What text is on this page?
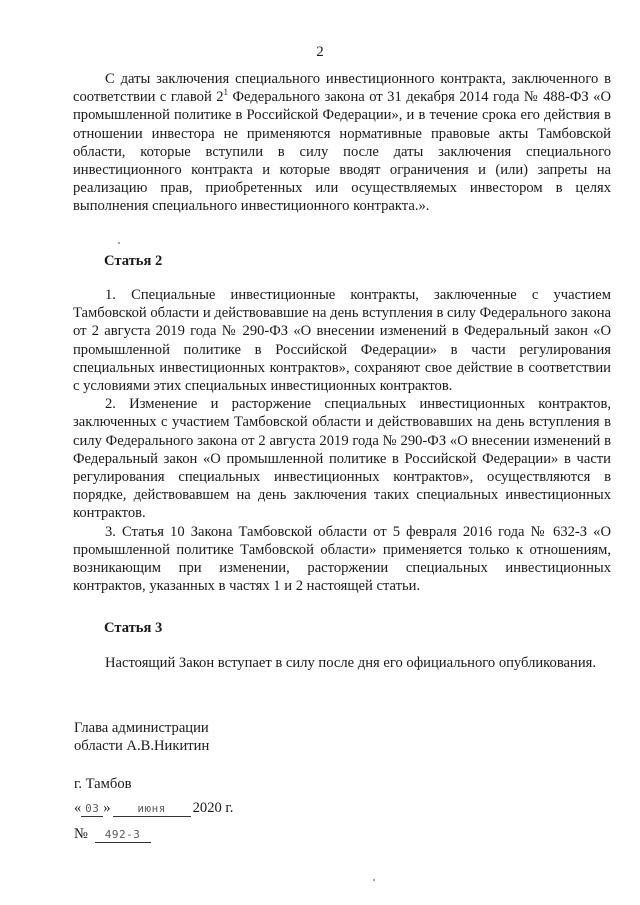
2

С даты заключения специального инвестиционного контракта, заключенного в соответствии с главой $2^1$ Федерального закона от 31 декабря 2014 года № 488-ФЗ «О промышленной политике в Российской Федерации», и в течение срока его действия в отношении инвестора не применяются нормативные правовые акты Тамбовской области, которые вступили в силу после даты заключения специального инвестиционного контракта и которые вводят ограничения и (или) запреты на реализацию прав, приобретенных или осуществляемых инвестором в целях выполнения специального инвестиционного контракта.».

Статья 2

1. Специальные инвестиционные контракты, заключенные с участием Тамбовской области и действовавшие на день вступления в силу Федерального закона от 2 августа 2019 года № 290-ФЗ «О внесении изменений в Федеральный закон «О промышленной политике в Российской Федерации» в части регулирования специальных инвестиционных контрактов», сохраняют свое действие в соответствии с условиями этих специальных инвестиционных контрактов.

2. Изменение и расторжение специальных инвестиционных контрактов, заключенных с участием Тамбовской области и действовавших на день вступления в силу Федерального закона от 2 августа 2019 года № 290-ФЗ «О внесении изменений в Федеральный закон «О промышленной политике в Российской Федерации» в части регулирования специальных инвестиционных контрактов», осуществляются в порядке, действовавшем на день заключения таких специальных инвестиционных контрактов.

3. Статья 10 Закона Тамбовской области от 5 февраля 2016 года № 632-З «О промышленной политике Тамбовской области» применяется только к отношениям, возникающим при изменении, расторжении специальных инвестиционных контрактов, указанных в частях 1 и 2 настоящей статьи.

Статья 3

Настоящий Закон вступает в силу после дня его официального опубликования.

Глава администрации
области А.В.Никитин
г. Тамбов
« 03 » июня 2020 г.
№ 492-З
